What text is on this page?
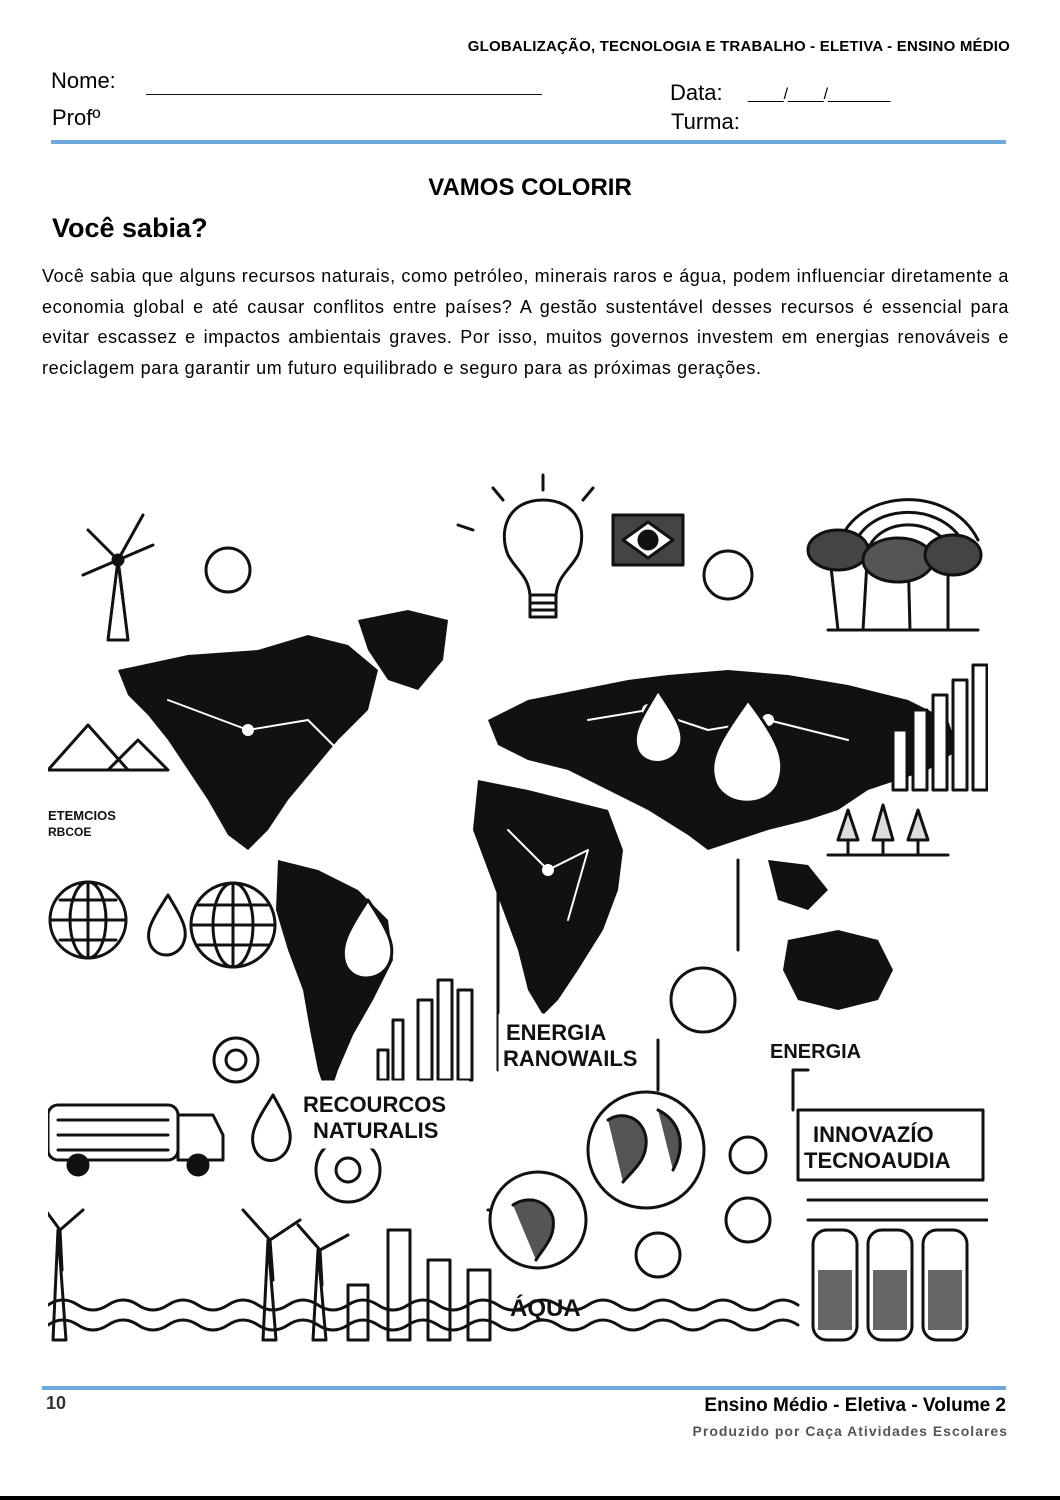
GLOBALIZAÇÃO, TECNOLOGIA E TRABALHO - ELETIVA - ENSINO MÉDIO
Nome:
Profº
Data: ____/____/_______
Turma:
VAMOS COLORIR
Você sabia?

Você sabia que alguns recursos naturais, como petróleo, minerais raros e água, podem influenciar diretamente a economia global e até causar conflitos entre países? A gestão sustentável desses recursos é essencial para evitar escassez e impactos ambientais graves. Por isso, muitos governos investem em energias renováveis e reciclagem para garantir um futuro equilibrado e seguro para as próximas gerações.

ENERGIA
RANOWAILS	ENERGIA
RECOURCOS
NATURALIS	INNOVAZÍO
TECNOAUDIA
ÁQUA
ETEMCIOS
RBCOE
10	Ensino Médio - Eletiva - Volume 2
Produzido por Caça Atividades Escolares
